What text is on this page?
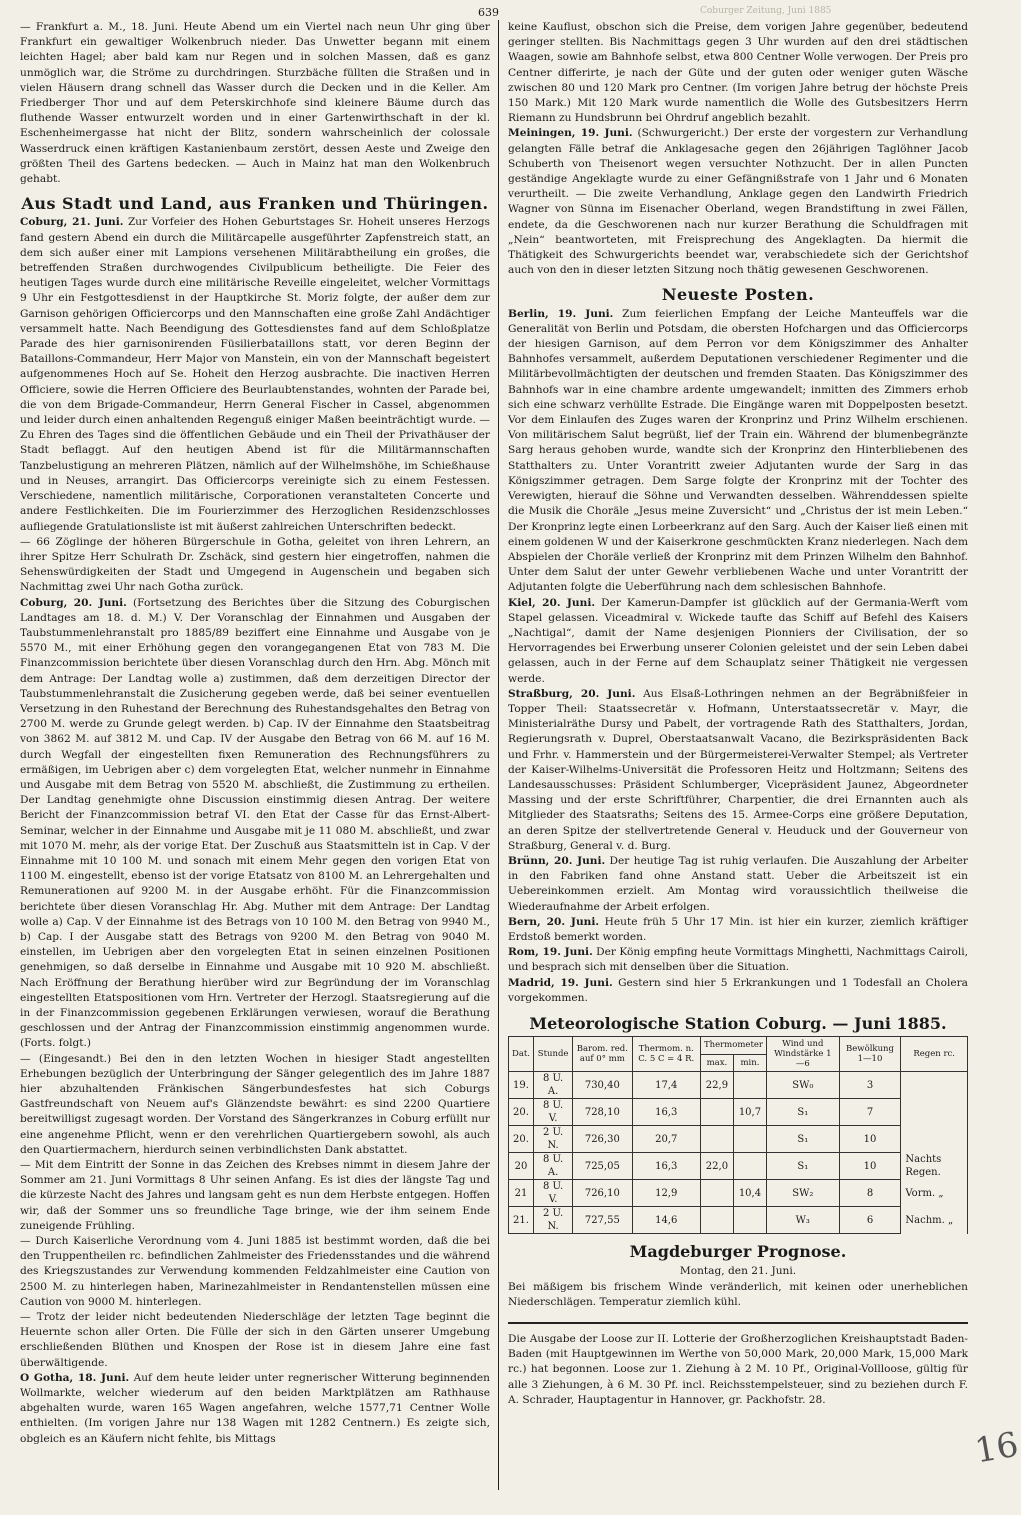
Coburger Zeitung, Juni 1885
639

— Frankfurt a. M., 18. Juni. Heute Abend um ein Viertel nach neun Uhr ging über Frankfurt ein gewaltiger Wolkenbruch nieder. Das Unwetter begann mit einem leichten Hagel; aber bald kam nur Regen und in solchen Massen, daß es ganz unmöglich war, die Ströme zu durchdringen. Sturzbäche füllten die Straßen und in vielen Häusern drang schnell das Wasser durch die Decken und in die Keller. Am Friedberger Thor und auf dem Peterskirchhofe sind kleinere Bäume durch das fluthende Wasser entwurzelt worden und in einer Gartenwirthschaft in der kl. Eschenheimergasse hat nicht der Blitz, sondern wahrscheinlich der colossale Wasserdruck einen kräftigen Kastanienbaum zerstört, dessen Aeste und Zweige den größten Theil des Gartens bedecken. — Auch in Mainz hat man den Wolkenbruch gehabt.

Aus Stadt und Land, aus Franken und Thüringen.

Coburg, 21. Juni. Zur Vorfeier des Hohen Geburtstages Sr. Hoheit unseres Herzogs fand gestern Abend ein durch die Militärcapelle ausgeführter Zapfenstreich statt, an dem sich außer einer mit Lampions versehenen Militärabtheilung ein großes, die betreffenden Straßen durchwogendes Civilpublicum betheiligte. Die Feier des heutigen Tages wurde durch eine militärische Reveille eingeleitet, welcher Vormittags 9 Uhr ein Festgottesdienst in der Hauptkirche St. Moriz folgte, der außer dem zur Garnison gehörigen Officiercorps und den Mannschaften eine große Zahl Andächtiger versammelt hatte. Nach Beendigung des Gottesdienstes fand auf dem Schloßplatze Parade des hier garnisonirenden Füsilierbataillons statt, vor deren Beginn der Bataillons-Commandeur, Herr Major von Manstein, ein von der Mannschaft begeistert aufgenommenes Hoch auf Se. Hoheit den Herzog ausbrachte. Die inactiven Herren Officiere, sowie die Herren Officiere des Beurlaubtenstandes, wohnten der Parade bei, die von dem Brigade-Commandeur, Herrn General Fischer in Cassel, abgenommen und leider durch einen anhaltenden Regenguß einiger Maßen beeinträchtigt wurde. — Zu Ehren des Tages sind die öffentlichen Gebäude und ein Theil der Privathäuser der Stadt beflaggt. Auf den heutigen Abend ist für die Militärmannschaften Tanzbelustigung an mehreren Plätzen, nämlich auf der Wilhelmshöhe, im Schießhause und in Neuses, arrangirt. Das Officiercorps vereinigte sich zu einem Festessen. Verschiedene, namentlich militärische, Corporationen veranstalteten Concerte und andere Festlichkeiten. Die im Fourierzimmer des Herzoglichen Residenzschlosses aufliegende Gratulationsliste ist mit äußerst zahlreichen Unterschriften bedeckt.

— 66 Zöglinge der höheren Bürgerschule in Gotha, geleitet von ihren Lehrern, an ihrer Spitze Herr Schulrath Dr. Zschäck, sind gestern hier eingetroffen, nahmen die Sehenswürdigkeiten der Stadt und Umgegend in Augenschein und begaben sich Nachmittag zwei Uhr nach Gotha zurück.

Coburg, 20. Juni. (Fortsetzung des Berichtes über die Sitzung des Coburgischen Landtages am 18. d. M.) V. Der Voranschlag der Einnahmen und Ausgaben der Taubstummenlehranstalt pro 1885/89 beziffert eine Einnahme und Ausgabe von je 5570 M., mit einer Erhöhung gegen den vorangegangenen Etat von 783 M. Die Finanzcommission berichtete über diesen Voranschlag durch den Hrn. Abg. Mönch mit dem Antrage: Der Landtag wolle a) zustimmen, daß dem derzeitigen Director der Taubstummenlehranstalt die Zusicherung gegeben werde, daß bei seiner eventuellen Versetzung in den Ruhestand der Berechnung des Ruhestandsgehaltes den Betrag von 2700 M. werde zu Grunde gelegt werden. b) Cap. IV der Einnahme den Staatsbeitrag von 3862 M. auf 3812 M. und Cap. IV der Ausgabe den Betrag von 66 M. auf 16 M. durch Wegfall der eingestellten fixen Remuneration des Rechnungsführers zu ermäßigen, im Uebrigen aber c) dem vorgelegten Etat, welcher nunmehr in Einnahme und Ausgabe mit dem Betrag von 5520 M. abschließt, die Zustimmung zu ertheilen. Der Landtag genehmigte ohne Discussion einstimmig diesen Antrag. Der weitere Bericht der Finanzcommission betraf VI. den Etat der Casse für das Ernst-Albert-Seminar, welcher in der Einnahme und Ausgabe mit je 11 080 M. abschließt, und zwar mit 1070 M. mehr, als der vorige Etat. Der Zuschuß aus Staatsmitteln ist in Cap. V der Einnahme mit 10 100 M. und sonach mit einem Mehr gegen den vorigen Etat von 1100 M. eingestellt, ebenso ist der vorige Etatsatz von 8100 M. an Lehrergehalten und Remunerationen auf 9200 M. in der Ausgabe erhöht. Für die Finanzcommission berichtete über diesen Voranschlag Hr. Abg. Muther mit dem Antrage: Der Landtag wolle a) Cap. V der Einnahme ist des Betrags von 10 100 M. den Betrag von 9940 M., b) Cap. I der Ausgabe statt des Betrags von 9200 M. den Betrag von 9040 M. einstellen, im Uebrigen aber den vorgelegten Etat in seinen einzelnen Positionen genehmigen, so daß derselbe in Einnahme und Ausgabe mit 10 920 M. abschließt. Nach Eröffnung der Berathung hierüber wird zur Begründung der im Voranschlag eingestellten Etatspositionen vom Hrn. Vertreter der Herzogl. Staatsregierung auf die in der Finanzcommission gegebenen Erklärungen verwiesen, worauf die Berathung geschlossen und der Antrag der Finanzcommission einstimmig angenommen wurde. (Forts. folgt.)

— (Eingesandt.) Bei den in den letzten Wochen in hiesiger Stadt angestellten Erhebungen bezüglich der Unterbringung der Sänger gelegentlich des im Jahre 1887 hier abzuhaltenden Fränkischen Sängerbundesfestes hat sich Coburgs Gastfreundschaft von Neuem auf's Glänzendste bewährt: es sind 2200 Quartiere bereitwilligst zugesagt worden. Der Vorstand des Sängerkranzes in Coburg erfüllt nur eine angenehme Pflicht, wenn er den verehrlichen Quartiergebern sowohl, als auch den Quartiermachern, hierdurch seinen verbindlichsten Dank abstattet.

— Mit dem Eintritt der Sonne in das Zeichen des Krebses nimmt in diesem Jahre der Sommer am 21. Juni Vormittags 8 Uhr seinen Anfang. Es ist dies der längste Tag und die kürzeste Nacht des Jahres und langsam geht es nun dem Herbste entgegen. Hoffen wir, daß der Sommer uns so freundliche Tage bringe, wie der ihm seinem Ende zuneigende Frühling.

— Durch Kaiserliche Verordnung vom 4. Juni 1885 ist bestimmt worden, daß die bei den Truppentheilen rc. befindlichen Zahlmeister des Friedensstandes und die während des Kriegszustandes zur Verwendung kommenden Feldzahlmeister eine Caution von 2500 M. zu hinterlegen haben, Marinezahlmeister in Rendantenstellen müssen eine Caution von 9000 M. hinterlegen.

— Trotz der leider nicht bedeutenden Niederschläge der letzten Tage beginnt die Heuernte schon aller Orten. Die Fülle der sich in den Gärten unserer Umgebung erschließenden Blüthen und Knospen der Rose ist in diesem Jahre eine fast überwältigende.

O Gotha, 18. Juni. Auf dem heute leider unter regnerischer Witterung beginnenden Wollmarkte, welcher wiederum auf den beiden Marktplätzen am Rathhause abgehalten wurde, waren 165 Wagen angefahren, welche 1577,71 Centner Wolle enthielten. (Im vorigen Jahre nur 138 Wagen mit 1282 Centnern.) Es zeigte sich, obgleich es an Käufern nicht fehlte, bis Mittags

keine Kauflust, obschon sich die Preise, dem vorigen Jahre gegenüber, bedeutend geringer stellten. Bis Nachmittags gegen 3 Uhr wurden auf den drei städtischen Waagen, sowie am Bahnhofe selbst, etwa 800 Centner Wolle verwogen. Der Preis pro Centner differirte, je nach der Güte und der guten oder weniger guten Wäsche zwischen 80 und 120 Mark pro Centner. (Im vorigen Jahre betrug der höchste Preis 150 Mark.) Mit 120 Mark wurde namentlich die Wolle des Gutsbesitzers Herrn Riemann zu Hundsbrunn bei Ohrdruf angeblich bezahlt.

Meiningen, 19. Juni. (Schwurgericht.) Der erste der vorgestern zur Verhandlung gelangten Fälle betraf die Anklagesache gegen den 26jährigen Taglöhner Jacob Schuberth von Theisenort wegen versuchter Nothzucht. Der in allen Puncten geständige Angeklagte wurde zu einer Gefängnißstrafe von 1 Jahr und 6 Monaten verurtheilt. — Die zweite Verhandlung, Anklage gegen den Landwirth Friedrich Wagner von Sünna im Eisenacher Oberland, wegen Brandstiftung in zwei Fällen, endete, da die Geschworenen nach nur kurzer Berathung die Schuldfragen mit „Nein“ beantworteten, mit Freisprechung des Angeklagten. Da hiermit die Thätigkeit des Schwurgerichts beendet war, verabschiedete sich der Gerichtshof auch von den in dieser letzten Sitzung noch thätig gewesenen Geschworenen.

Neueste Posten.

Berlin, 19. Juni. Zum feierlichen Empfang der Leiche Manteuffels war die Generalität von Berlin und Potsdam, die obersten Hofchargen und das Officiercorps der hiesigen Garnison, auf dem Perron vor dem Königszimmer des Anhalter Bahnhofes versammelt, außerdem Deputationen verschiedener Regimenter und die Militärbevollmächtigten der deutschen und fremden Staaten. Das Königszimmer des Bahnhofs war in eine chambre ardente umgewandelt; inmitten des Zimmers erhob sich eine schwarz verhüllte Estrade. Die Eingänge waren mit Doppelposten besetzt. Vor dem Einlaufen des Zuges waren der Kronprinz und Prinz Wilhelm erschienen. Von militärischem Salut begrüßt, lief der Train ein. Während der blumenbegränzte Sarg heraus gehoben wurde, wandte sich der Kronprinz den Hinterbliebenen des Statthalters zu. Unter Vorantritt zweier Adjutanten wurde der Sarg in das Königszimmer getragen. Dem Sarge folgte der Kronprinz mit der Tochter des Verewigten, hierauf die Söhne und Verwandten desselben. Währenddessen spielte die Musik die Choräle „Jesus meine Zuversicht“ und „Christus der ist mein Leben.“ Der Kronprinz legte einen Lorbeerkranz auf den Sarg. Auch der Kaiser ließ einen mit einem goldenen W und der Kaiserkrone geschmückten Kranz niederlegen. Nach dem Abspielen der Choräle verließ der Kronprinz mit dem Prinzen Wilhelm den Bahnhof. Unter dem Salut der unter Gewehr verbliebenen Wache und unter Vorantritt der Adjutanten folgte die Ueberführung nach dem schlesischen Bahnhofe.

Kiel, 20. Juni. Der Kamerun-Dampfer ist glücklich auf der Germania-Werft vom Stapel gelassen. Viceadmiral v. Wickede taufte das Schiff auf Befehl des Kaisers „Nachtigal“, damit der Name desjenigen Pionniers der Civilisation, der so Hervorragendes bei Erwerbung unserer Colonien geleistet und der sein Leben dabei gelassen, auch in der Ferne auf dem Schauplatz seiner Thätigkeit nie vergessen werde.

Straßburg, 20. Juni. Aus Elsaß-Lothringen nehmen an der Begräbnißfeier in Topper Theil: Staatssecretär v. Hofmann, Unterstaatssecretär v. Mayr, die Ministerialräthe Dursy und Pabelt, der vortragende Rath des Statthalters, Jordan, Regierungsrath v. Duprel, Oberstaatsanwalt Vacano, die Bezirkspräsidenten Back und Frhr. v. Hammerstein und der Bürgermeisterei-Verwalter Stempel; als Vertreter der Kaiser-Wilhelms-Universität die Professoren Heitz und Holtzmann; Seitens des Landesausschusses: Präsident Schlumberger, Vicepräsident Jaunez, Abgeordneter Massing und der erste Schriftführer, Charpentier, die drei Ernannten auch als Mitglieder des Staatsraths; Seitens des 15. Armee-Corps eine größere Deputation, an deren Spitze der stellvertretende General v. Heuduck und der Gouverneur von Straßburg, General v. d. Burg.

Brünn, 20. Juni. Der heutige Tag ist ruhig verlaufen. Die Auszahlung der Arbeiter in den Fabriken fand ohne Anstand statt. Ueber die Arbeitszeit ist ein Uebereinkommen erzielt. Am Montag wird voraussichtlich theilweise die Wiederaufnahme der Arbeit erfolgen.

Bern, 20. Juni. Heute früh 5 Uhr 17 Min. ist hier ein kurzer, ziemlich kräftiger Erdstoß bemerkt worden.

Rom, 19. Juni. Der König empfing heute Vormittags Minghetti, Nachmittags Cairoli, und besprach sich mit denselben über die Situation.

Madrid, 19. Juni. Gestern sind hier 5 Erkrankungen und 1 Todesfall an Cholera vorgekommen.

Meteorologische Station Coburg. — Juni 1885.
Dat.	Stunde	Barom. red. auf 0° mm	Thermom. n. C. 5 C = 4 R.	Thermometer		Wind und Windstärke 1—6	Bewölkung 1—10	Regen rc.
				max.	min.			
19.	8 U. A.	730,40	17,4	22,9		SW₀	3	
20.	8 U. V.	728,10	16,3		10,7	S₁	7	
20.	2 U. N.	726,30	20,7			S₁	10	
20	8 U. A.	725,05	16,3	22,0		S₁	10	Nachts Regen.
21	8 U. V.	726,10	12,9		10,4	SW₂	8	Vorm. „
21.	2 U. N.	727,55	14,6			W₃	6	Nachm. „
Magdeburger Prognose.

Montag, den 21. Juni.

Bei mäßigem bis frischem Winde veränderlich, mit keinen oder unerheblichen Niederschlägen. Temperatur ziemlich kühl.

Die Ausgabe der Loose zur II. Lotterie der Großherzoglichen Kreishauptstadt Baden-Baden (mit Hauptgewinnen im Werthe von 50,000 Mark, 20,000 Mark, 15,000 Mark rc.) hat begonnen. Loose zur 1. Ziehung à 2 M. 10 Pf., Original-Vollloose, gültig für alle 3 Ziehungen, à 6 M. 30 Pf. incl. Reichsstempelsteuer, sind zu beziehen durch F. A. Schrader, Hauptagentur in Hannover, gr. Packhofstr. 28.

16
